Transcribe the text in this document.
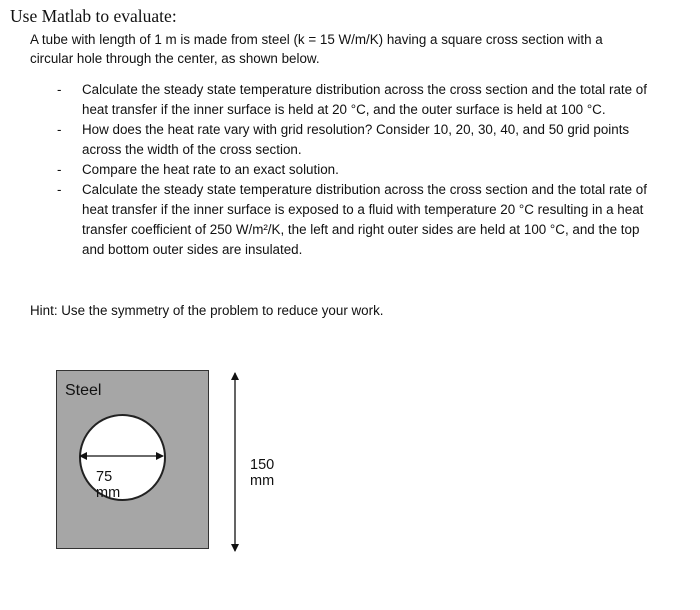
Use Matlab to evaluate:
A tube with length of 1 m is made from steel (k = 15 W/m/K) having a square cross section with a
circular hole through the center, as shown below.
- Calculate the steady state temperature distribution across the cross section and the total rate of
heat transfer if the inner surface is held at 20 °C, and the outer surface is held at 100 °C.
- How does the heat rate vary with grid resolution? Consider 10, 20, 30, 40, and 50 grid points
across the width of the cross section.
- Compare the heat rate to an exact solution.
- Calculate the steady state temperature distribution across the cross section and the total rate of
heat transfer if the inner surface is exposed to a fluid with temperature 20 °C resulting in a heat
transfer coefficient of 250 W/m²/K, the left and right outer sides are held at 100 °C, and the top
and bottom outer sides are insulated.
Hint: Use the symmetry of the problem to reduce your work.
Steel
75 mm
150 mm
